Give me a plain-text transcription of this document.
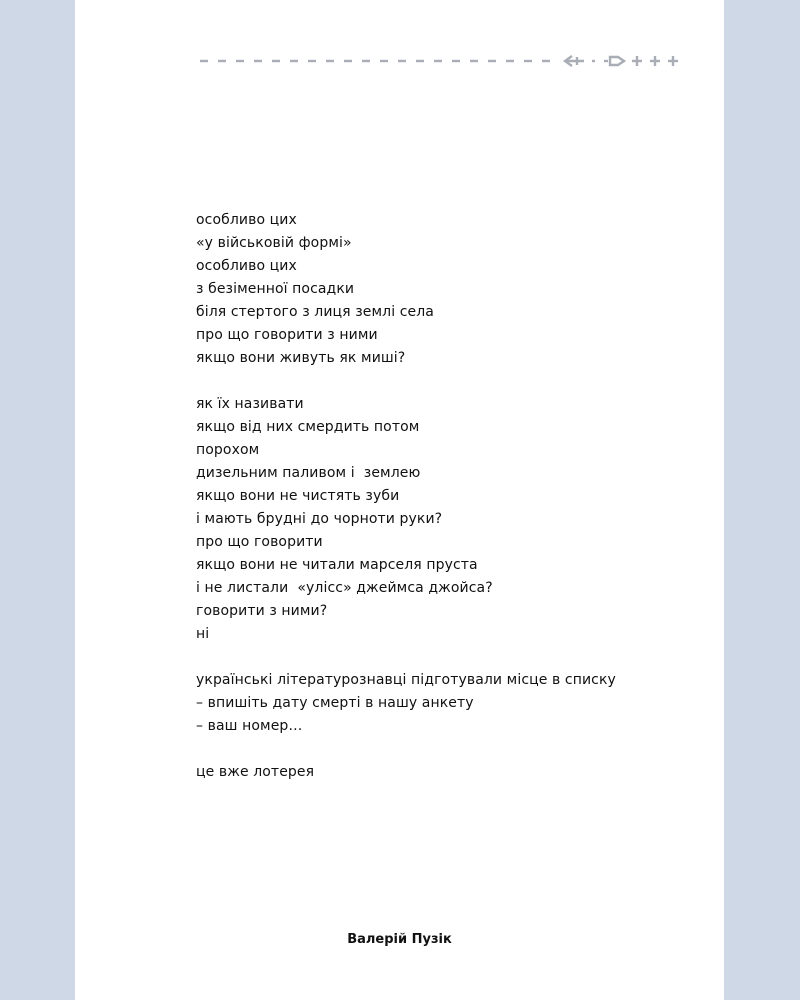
особливо цих
«у військовій формі»
особливо цих
з безіменної посадки
біля стертого з лиця землі села
про що говорити з ними
якщо вони живуть як миші?
як їх називати
якщо від них смердить потом
порохом
дизельним паливом і  землею
якщо вони не чистять зуби
і мають брудні до чорноти руки?
про що говорити
якщо вони не читали марселя пруста
і не листали  «улісс» джеймса джойса?
говорити з ними?
ні
українські літературознавці підготували місце в списку
– впишіть дату смерті в нашу анкету
– ваш номер…
це вже лотерея
Валерій Пузік
